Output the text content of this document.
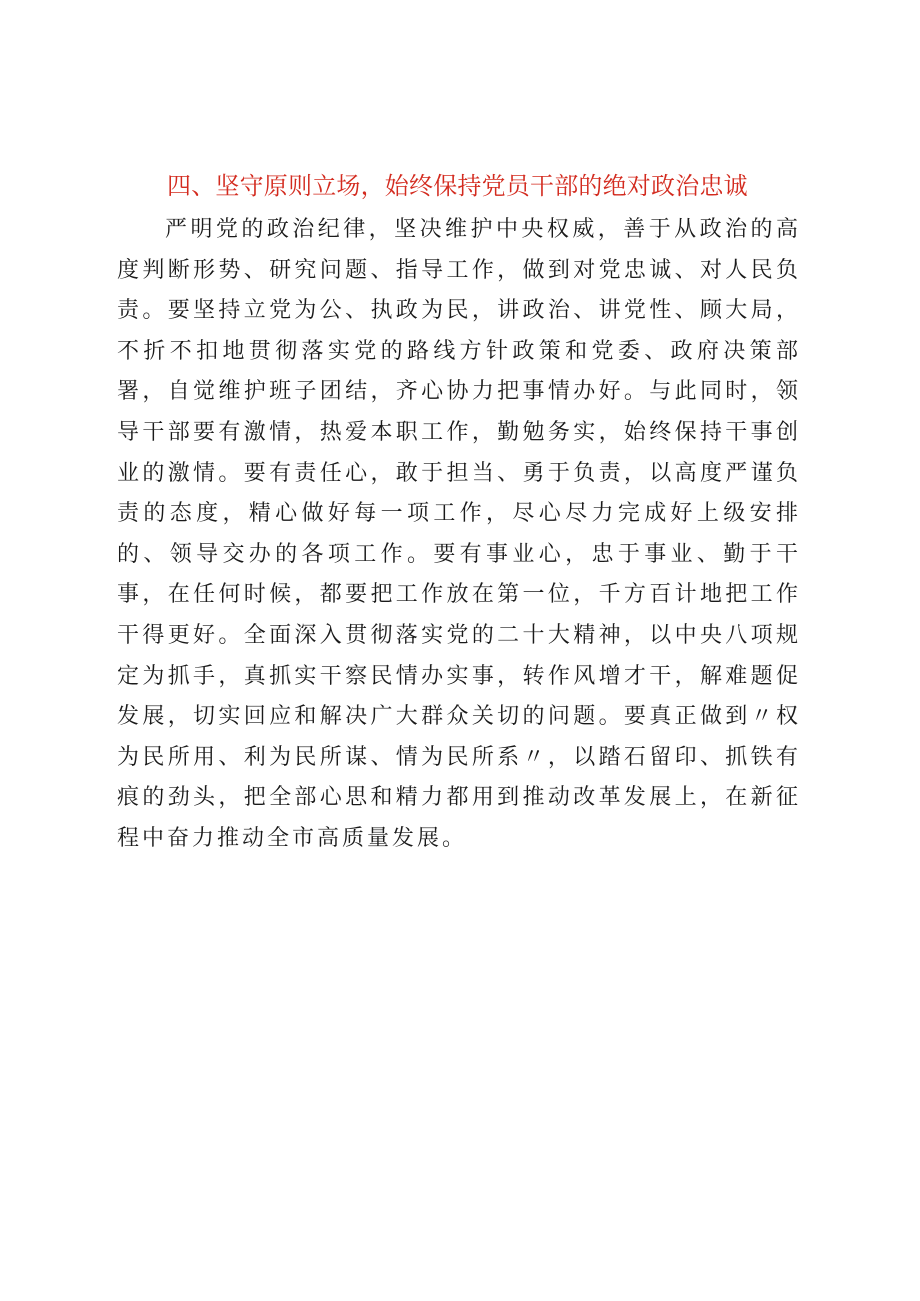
四、坚守原则立场，始终保持党员干部的绝对政治忠诚

严明党的政治纪律，坚决维护中央权威，善于从政治的高度判断形势、研究问题、指导工作，做到对党忠诚、对人民负责。要坚持立党为公、执政为民，讲政治、讲党性、顾大局，不折不扣地贯彻落实党的路线方针政策和党委、政府决策部署，自觉维护班子团结，齐心协力把事情办好。与此同时，领导干部要有激情，热爱本职工作，勤勉务实，始终保持干事创业的激情。要有责任心，敢于担当、勇于负责，以高度严谨负责的态度，精心做好每一项工作，尽心尽力完成好上级安排的、领导交办的各项工作。要有事业心，忠于事业、勤于干事，在任何时候，都要把工作放在第一位，千方百计地把工作干得更好。全面深入贯彻落实党的二十大精神，以中央八项规定为抓手，真抓实干察民情办实事，转作风增才干，解难题促发展，切实回应和解决广大群众关切的问题。要真正做到〃权为民所用、利为民所谋、情为民所系〃，以踏石留印、抓铁有痕的劲头，把全部心思和精力都用到推动改革发展上，在新征程中奋力推动全市高质量发展。
